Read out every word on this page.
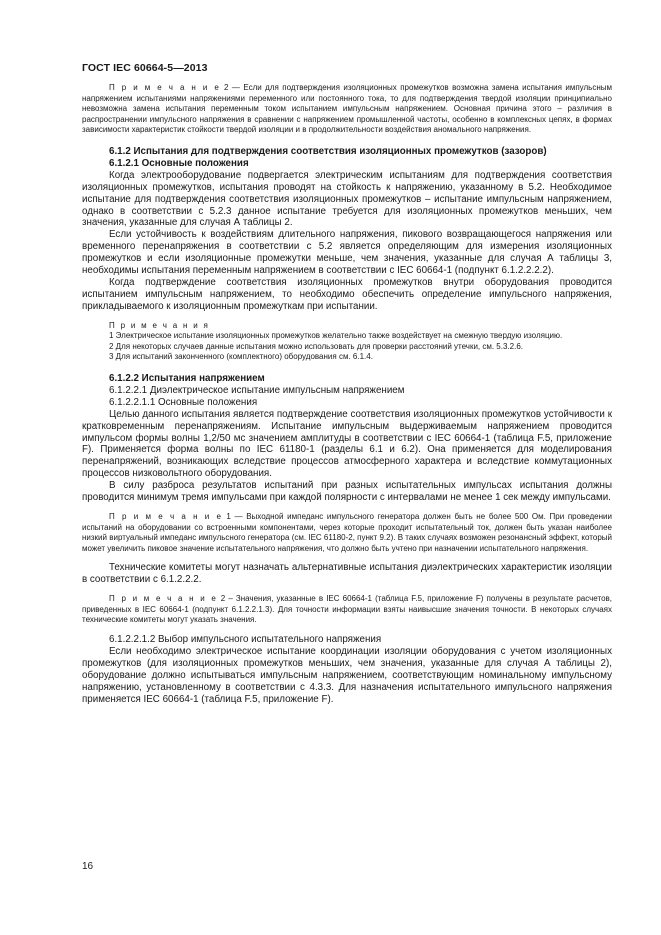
ГОСТ IEC 60664-5—2013

П р и м е ч а н и е 2 — Если для подтверждения изоляционных промежутков возможна замена испытания импульсным напряжением испытаниями напряжениями переменного или постоянного тока, то для подтверждения твердой изоляции принципиально невозможна замена испытания переменным током испытанием импульсным напряжением. Основная причина этого – различия в распространении импульсного напряжения в сравнении с напряжением промышленной частоты, особенно в комплексных цепях, в формах зависимости характеристик стойкости твердой изоляции и в продолжительности воздействия аномального напряжения.

6.1.2 Испытания для подтверждения соответствия изоляционных промежутков (зазоров)

6.1.2.1 Основные положения

Когда электрооборудование подвергается электрическим испытаниям для подтверждения соответствия изоляционных промежутков, испытания проводят на стойкость к напряжению, указанному в 5.2. Необходимое испытание для подтверждения соответствия изоляционных промежутков – испытание импульсным напряжением, однако в соответствии с 5.2.3 данное испытание требуется для изоляционных промежутков меньших, чем значения, указанные для случая А таблицы 2.

Если устойчивость к воздействиям длительного напряжения, пикового возвращающегося напряжения или временного перенапряжения в соответствии с 5.2 является определяющим для измерения изоляционных промежутков и если изоляционные промежутки меньше, чем значения, указанные для случая А таблицы 3, необходимы испытания переменным напряжением в соответствии с IEC 60664-1 (подпункт 6.1.2.2.2.2).

Когда подтверждение соответствия изоляционных промежутков внутри оборудования проводится испытанием импульсным напряжением, то необходимо обеспечить определение импульсного напряжения, прикладываемого к изоляционным промежуткам при испытании.

П р и м е ч а н и я

1 Электрическое испытание изоляционных промежутков желательно также воздействует на смежную твердую изоляцию.

2 Для некоторых случаев данные испытания можно использовать для проверки расстояний утечки, см. 5.3.2.6.

3 Для испытаний законченного (комплектного) оборудования см. 6.1.4.

6.1.2.2 Испытания напряжением

6.1.2.2.1 Диэлектрическое испытание импульсным напряжением

6.1.2.2.1.1 Основные положения

Целью данного испытания является подтверждение соответствия изоляционных промежутков устойчивости к кратковременным перенапряжениям. Испытание импульсным выдерживаемым напряжением проводится импульсом формы волны 1,2/50 мс значением амплитуды в соответствии с IEC 60664-1 (таблица F.5, приложение F). Применяется форма волны по IEC 61180-1 (разделы 6.1 и 6.2). Она применяется для моделирования перенапряжений, возникающих вследствие процессов атмосферного характера и вследствие коммутационных процессов низковольтного оборудования.

В силу разброса результатов испытаний при разных испытательных импульсах испытания должны проводится минимум тремя импульсами при каждой полярности с интервалами не менее 1 сек между импульсами.

П р и м е ч а н и е 1 — Выходной импеданс импульсного генератора должен быть не более 500 Ом. При проведении испытаний на оборудовании со встроенными компонентами, через которые проходит испытательный ток, должен быть указан наиболее низкий виртуальный импеданс импульсного генератора (см. IEC 61180-2, пункт 9.2). В таких случаях возможен резонансный эффект, который может увеличить пиковое значение испытательного напряжения, что должно быть учтено при назначении испытательного напряжения.

Технические комитеты могут назначать альтернативные испытания диэлектрических характеристик изоляции в соответствии с 6.1.2.2.2.

П р и м е ч а н и е 2 – Значения, указанные в IEC 60664-1 (таблица F.5, приложение F) получены в результате расчетов, приведенных в IEC 60664-1 (подпункт 6.1.2.2.1.3). Для точности информации взяты наивысшие значения точности. В некоторых случаях технические комитеты могут указать значения.

6.1.2.2.1.2 Выбор импульсного испытательного напряжения

Если необходимо электрическое испытание координации изоляции оборудования с учетом изоляционных промежутков (для изоляционных промежутков меньших, чем значения, указанные для случая А таблицы 2), оборудование должно испытываться импульсным напряжением, соответствующим номинальному импульсному напряжению, установленному в соответствии с 4.3.3. Для назначения испытательного импульсного напряжения применяется IEC 60664-1 (таблица F.5, приложение F).

16
